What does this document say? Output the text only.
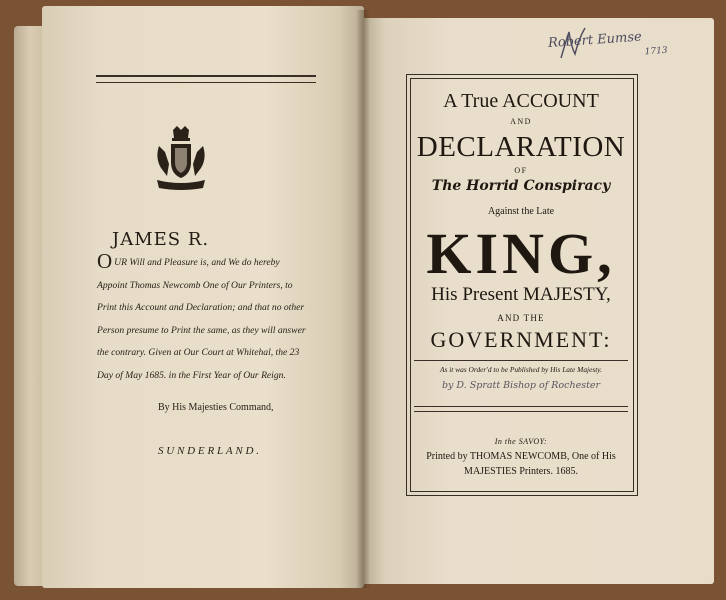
JAMES R.
OUR Will and Pleasure is, and We do hereby Appoint Thomas Newcomb One of Our Printers, to Print this Account and Declaration; and that no other Person presume to Print the same, as they will answer the contrary. Given at Our Court at Whitehal, the 23 Day of May 1685. in the First Year of Our Reign.
By His Majesties Command,
SUNDERLAND.
Robert Eumse$_{1713}$
A True ACCOUNT
AND
DECLARATION
OF
The Horrid Conspiracy
Against the Late
KING,
His Present MAJESTY,
AND THE
GOVERNMENT:
As it was Order'd to be Published by His Late Majesty.
by D. Spratt Bishop of Rochester
In the SAVOY:
Printed by THOMAS NEWCOMB, One of His
MAJESTIES Printers. 1685.
